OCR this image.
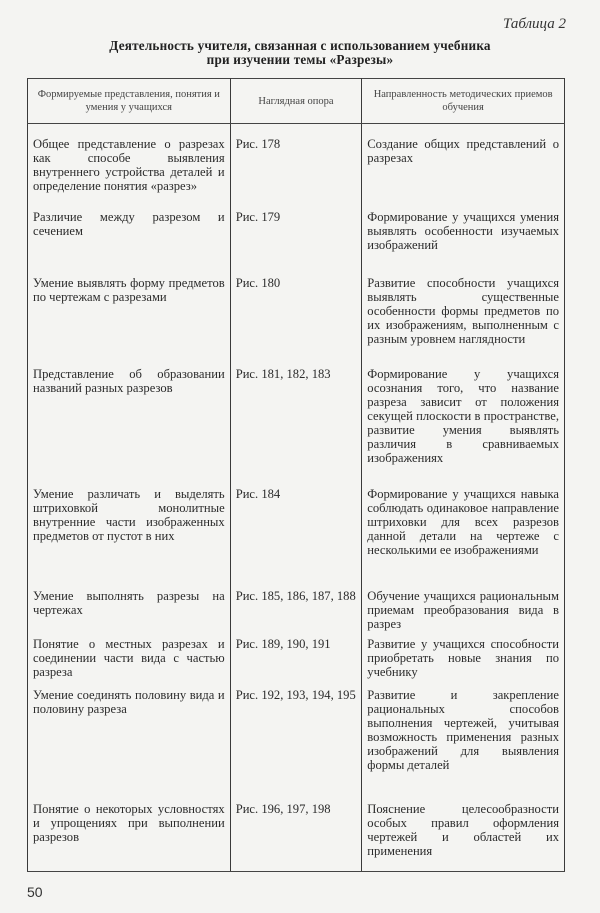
Таблица 2
Деятельность учителя, связанная с использованием учебника
при изучении темы «Разрезы»
Формируемые представления, понятия и умения у учащихся	Наглядная опора	Направленность методических приемов обучения
Общее представление о разрезах как способе выявления внутреннего устройства деталей и определение понятия «разрез»	Рис. 178	Создание общих представлений о разрезах
Различие между разрезом и сечением	Рис. 179	Формирование у учащихся умения выявлять особенности изучаемых изображений
Умение выявлять форму предметов по чертежам с разрезами	Рис. 180	Развитие способности учащихся выявлять существенные особенности формы предметов по их изображениям, выполненным с разным уровнем наглядности
Представление об образовании названий разных разрезов	Рис. 181, 182, 183	Формирование у учащихся осознания того, что название разреза зависит от положения секущей плоскости в пространстве, развитие умения выявлять различия в сравниваемых изображениях
Умение различать и выделять штриховкой монолитные внутренние части изображенных предметов от пустот в них	Рис. 184	Формирование у учащихся навыка соблюдать одинаковое направление штриховки для всех разрезов данной детали на чертеже с несколькими ее изображениями
Умение выполнять разрезы на чертежах	Рис. 185, 186, 187, 188	Обучение учащихся рациональным приемам преобразования вида в разрез
Понятие о местных разрезах и соединении части вида с частью разреза	Рис. 189, 190, 191	Развитие у учащихся способности приобретать новые знания по учебнику
Умение соединять половину вида и половину разреза	Рис. 192, 193, 194, 195	Развитие и закрепление рациональных способов выполнения чертежей, учитывая возможность применения разных изображений для выявления формы деталей
Понятие о некоторых условностях и упрощениях при выполнении разрезов	Рис. 196, 197, 198	Пояснение целесообразности особых правил оформления чертежей и областей их применения
50
